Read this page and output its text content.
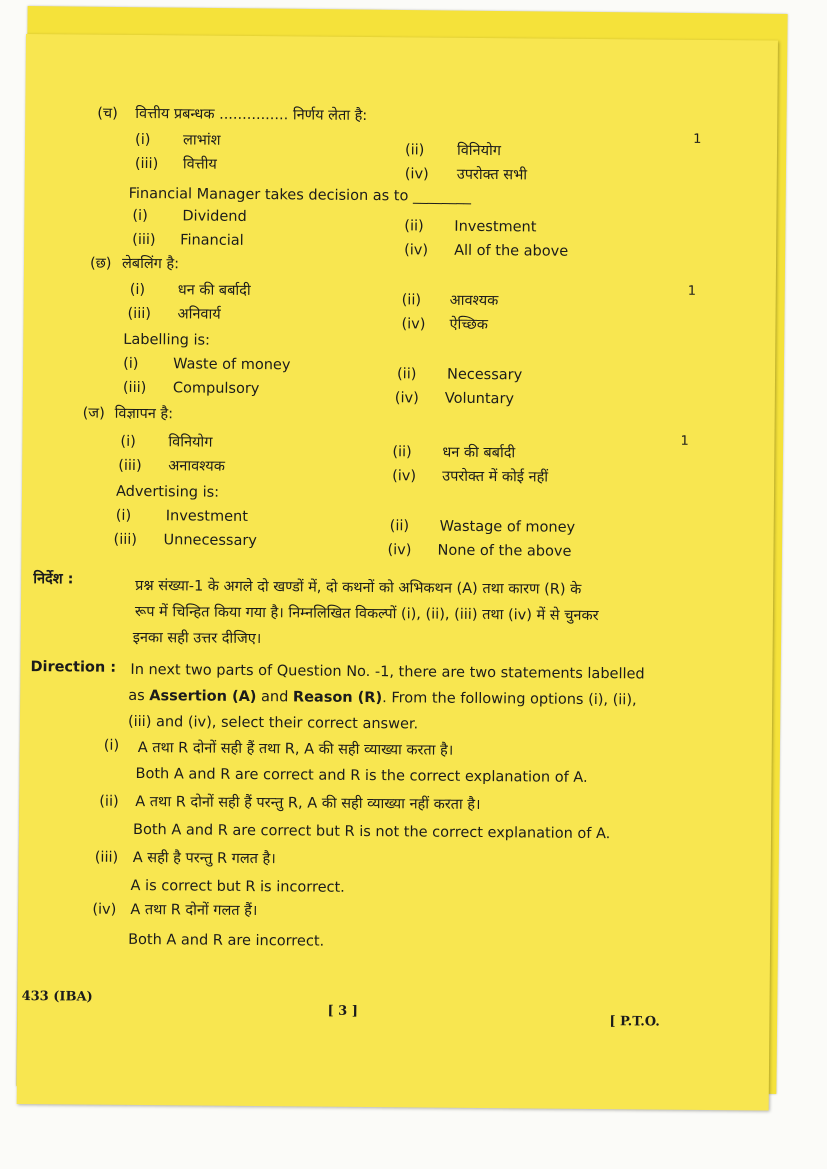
(च) वित्तीय प्रबन्धक ............... निर्णय लेता है:
1
(i) लाभांश
(ii) विनियोग
(iii) वित्तीय
(iv) उपरोक्त सभी
Financial Manager takes decision as to ________
(i) Dividend
(ii) Investment
(iii) Financial
(iv) All of the above
(छ) लेबलिंग है:
1
(i) धन की बर्बादी
(ii) आवश्यक
(iii) अनिवार्य
(iv) ऐच्छिक
Labelling is:
(i) Waste of money
(ii) Necessary
(iii) Compulsory
(iv) Voluntary
(ज) विज्ञापन है:
1
(i) विनियोग
(ii) धन की बर्बादी
(iii) अनावश्यक
(iv) उपरोक्त में कोई नहीं
Advertising is:
(i) Investment
(ii) Wastage of money
(iii) Unnecessary
(iv) None of the above
निर्देश :	प्रश्न संख्या-1 के अगले दो खण्डों में, दो कथनों को अभिकथन (A) तथा कारण (R) के
रूप में चिन्हित किया गया है। निम्नलिखित विकल्पों (i), (ii), (iii) तथा (iv) में से चुनकर
इनका सही उत्तर दीजिए।
Direction : In next two parts of Question No. -1, there are two statements labelled
as Assertion (A) and Reason (R). From the following options (i), (ii),
(iii) and (iv), select their correct answer.
(i) A तथा R दोनों सही हैं तथा R, A की सही व्याख्या करता है।
Both A and R are correct and R is the correct explanation of A.
(ii) A तथा R दोनों सही हैं परन्तु R, A की सही व्याख्या नहीं करता है।
Both A and R are correct but R is not the correct explanation of A.
(iii) A सही है परन्तु R गलत है।
A is correct but R is incorrect.
(iv) A तथा R दोनों गलत हैं।
Both A and R are incorrect.
433 (IBA)
[ 3 ]
[ P.T.O.
